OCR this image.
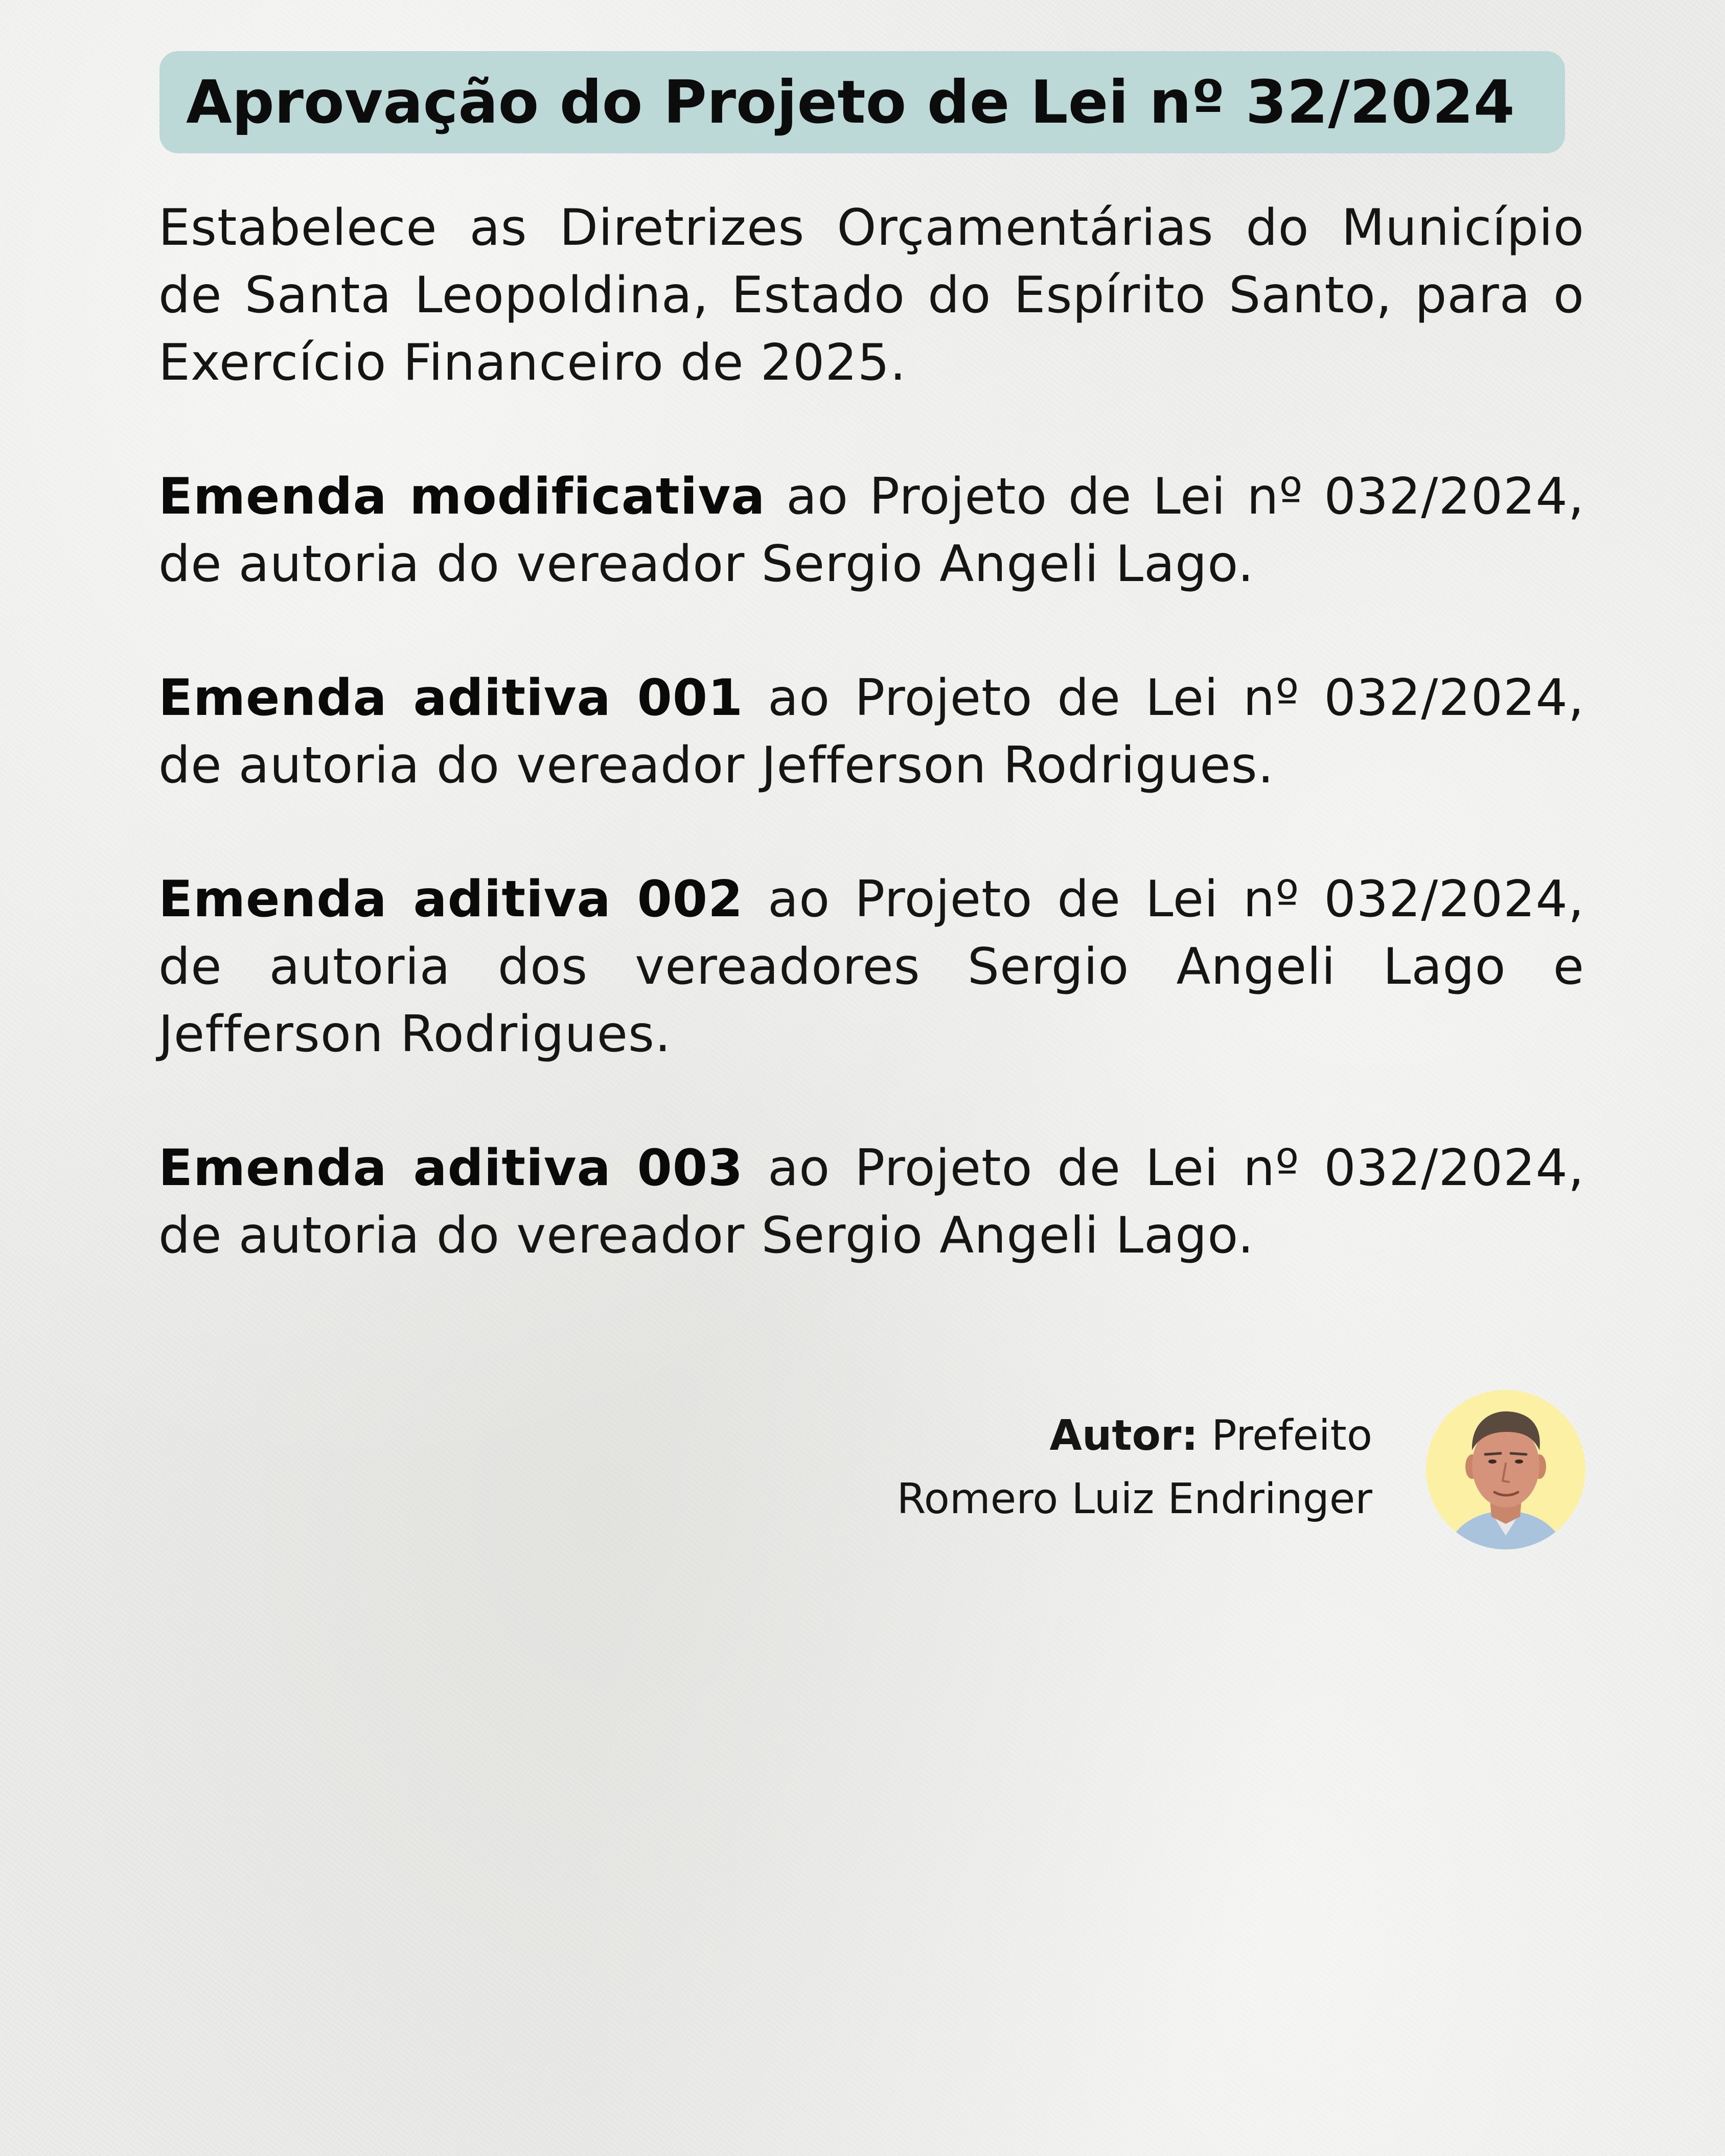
Aprovação do Projeto de Lei nº 32/2024

Estabelece as Diretrizes Orçamentárias do Município de Santa Leopoldina, Estado do Espírito Santo, para o Exercício Financeiro de 2025.

Emenda modificativa ao Projeto de Lei nº 032/2024, de autoria do vereador Sergio Angeli Lago.

Emenda aditiva 001 ao Projeto de Lei nº 032/2024, de autoria do vereador Jefferson Rodrigues.

Emenda aditiva 002 ao Projeto de Lei nº 032/2024, de autoria dos vereadores Sergio Angeli Lago e Jefferson Rodrigues.

Emenda aditiva 003 ao Projeto de Lei nº 032/2024, de autoria do vereador Sergio Angeli Lago.

Autor: Prefeito
Romero Luiz Endringer
